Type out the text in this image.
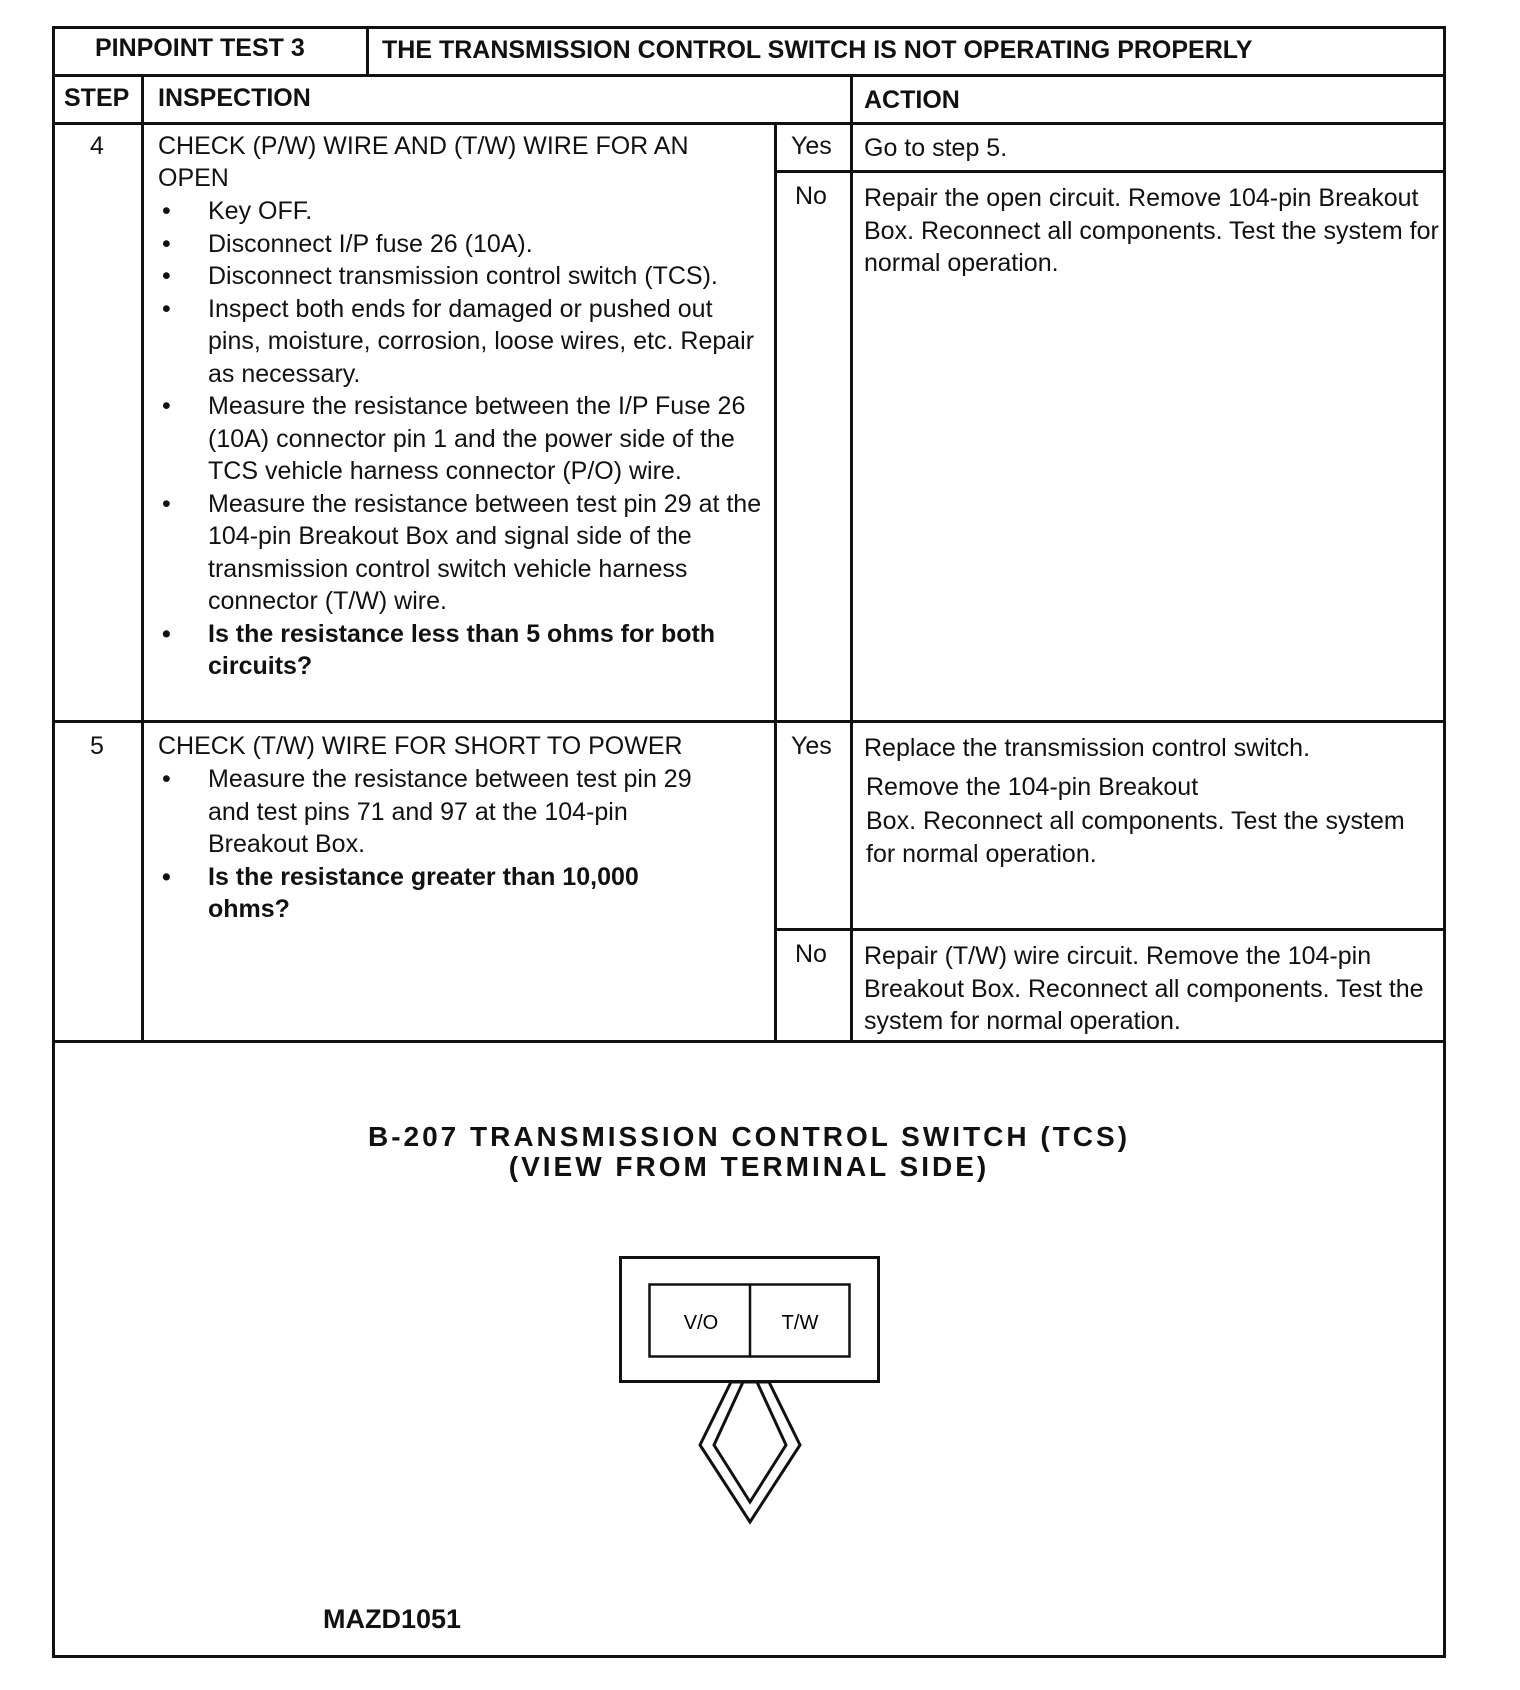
PINPOINT TEST 3	THE TRANSMISSION CONTROL SWITCH IS NOT OPERATING PROPERLY
STEP INSPECTION	ACTION
4 CHECK (P/W) WIRE AND (T/W) WIRE FOR AN
OPEN
• Key OFF.
• Disconnect I/P fuse 26 (10A).
• Disconnect transmission control switch (TCS).
• Inspect both ends for damaged or pushed out pins, moisture, corrosion, loose wires, etc. Repair as necessary.
• Measure the resistance between the I/P Fuse 26 (10A) connector pin 1 and the power side of the TCS vehicle harness connector (P/O) wire.
• Measure the resistance between test pin 29 at the 104-pin Breakout Box and signal side of the transmission control switch vehicle harness connector (T/W) wire.
• Is the resistance less than 5 ohms for both circuits?
Yes Go to step 5.
No Repair the open circuit. Remove 104-pin Breakout Box. Reconnect all components. Test the system for normal operation.
5 CHECK (T/W) WIRE FOR SHORT TO POWER
• Measure the resistance between test pin 29 and test pins 71 and 97 at the 104-pin Breakout Box.
• Is the resistance greater than 10,000 ohms?
Yes Replace the transmission control switch.
Remove the 104-pin Breakout
Box. Reconnect all components. Test the system for normal operation.
No Repair (T/W) wire circuit. Remove the 104-pin Breakout Box. Reconnect all components. Test the system for normal operation.
B-207 TRANSMISSION CONTROL SWITCH (TCS)
(VIEW FROM TERMINAL SIDE)
V/O	T/W
MAZD1051
